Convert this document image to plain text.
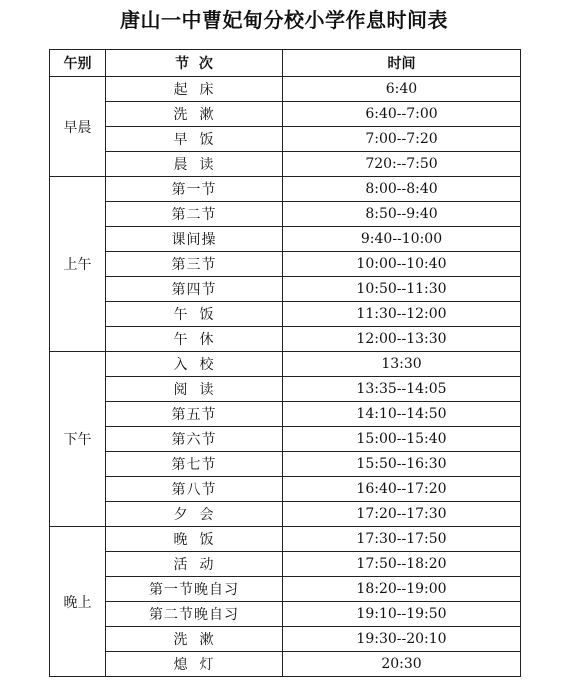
唐山一中曹妃甸分校小学作息时间表
午别	节  次	时间
早晨	起  床	6:40
	洗  漱	6:40--7:00
	早  饭	7:00--7:20
	晨  读	720:--7:50
上午	第一节	8:00--8:40
	第二节	8:50--9:40
	课间操	9:40--10:00
	第三节	10:00--10:40
	第四节	10:50--11:30
	午  饭	11:30--12:00
	午  休	12:00--13:30
下午	入  校	13:30
	阅  读	13:35--14:05
	第五节	14:10--14:50
	第六节	15:00--15:40
	第七节	15:50--16:30
	第八节	16:40--17:20
	夕  会	17:20--17:30
晚上	晚  饭	17:30--17:50
	活  动	17:50--18:20
	第一节晚自习	18:20--19:00
	第二节晚自习	19:10--19:50
	洗  漱	19:30--20:10
	熄  灯	20:30
